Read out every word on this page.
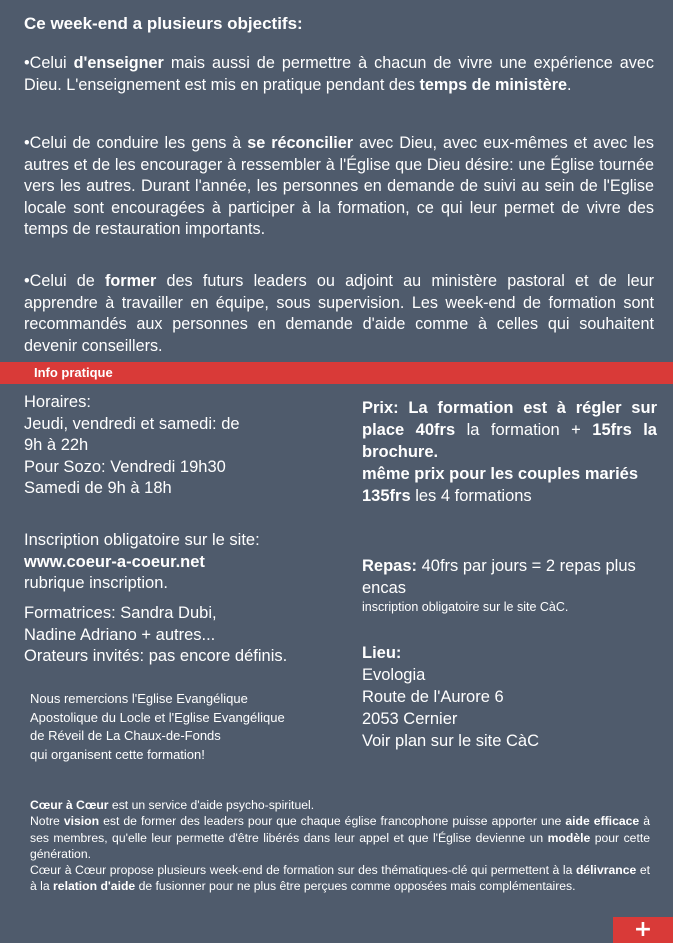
Ce week-end a plusieurs objectifs:
•Celui d'enseigner mais aussi de permettre à chacun de vivre une expérience avec Dieu. L'enseignement est mis en pratique pendant des temps de ministère.
•Celui de conduire les gens à se réconcilier avec Dieu, avec eux-mêmes et avec les autres et de les encourager à ressembler à l'Église que Dieu désire: une Église tournée vers les autres. Durant l'année, les personnes en demande de suivi au sein de l'Eglise locale sont encouragées à participer à la formation, ce qui leur permet de vivre des temps de restauration importants.
•Celui de former des futurs leaders ou adjoint au ministère pastoral et de leur apprendre à travailler en équipe, sous supervision. Les week-end de formation sont recommandés aux personnes en demande d'aide comme à celles qui souhaitent devenir conseillers.
Info pratique
Horaires:
Jeudi, vendredi et samedi: de
9h à 22h
Pour Sozo: Vendredi 19h30
Samedi de 9h à 18h
Inscription obligatoire sur le site:
www.coeur-a-coeur.net
rubrique inscription.
Formatrices: Sandra Dubi,
Nadine Adriano + autres...
Orateurs invités: pas encore définis.
Nous remercions l'Eglise Evangélique
Apostolique du Locle et l'Eglise Evangélique
de Réveil de La Chaux-de-Fonds
qui organisent cette formation!
Prix: La formation est à régler sur place 40frs la formation + 15frs la brochure.
même prix pour les couples mariés
135frs les 4 formations
Repas: 40frs par jours = 2 repas plus encas
inscription obligatoire sur le site CàC.
Lieu:
Evologia
Route de l'Aurore 6
2053 Cernier
Voir plan sur le site CàC
Cœur à Cœur est un service d'aide psycho-spirituel.
Notre vision est de former des leaders pour que chaque église francophone puisse apporter une aide efficace à ses membres, qu'elle leur permette d'être libérés dans leur appel et que l'Église devienne un modèle pour cette génération.
Cœur à Cœur propose plusieurs week-end de formation sur des thématiques-clé qui permettent à la délivrance et à la relation d'aide de fusionner pour ne plus être perçues comme opposées mais complémentaires.
+
